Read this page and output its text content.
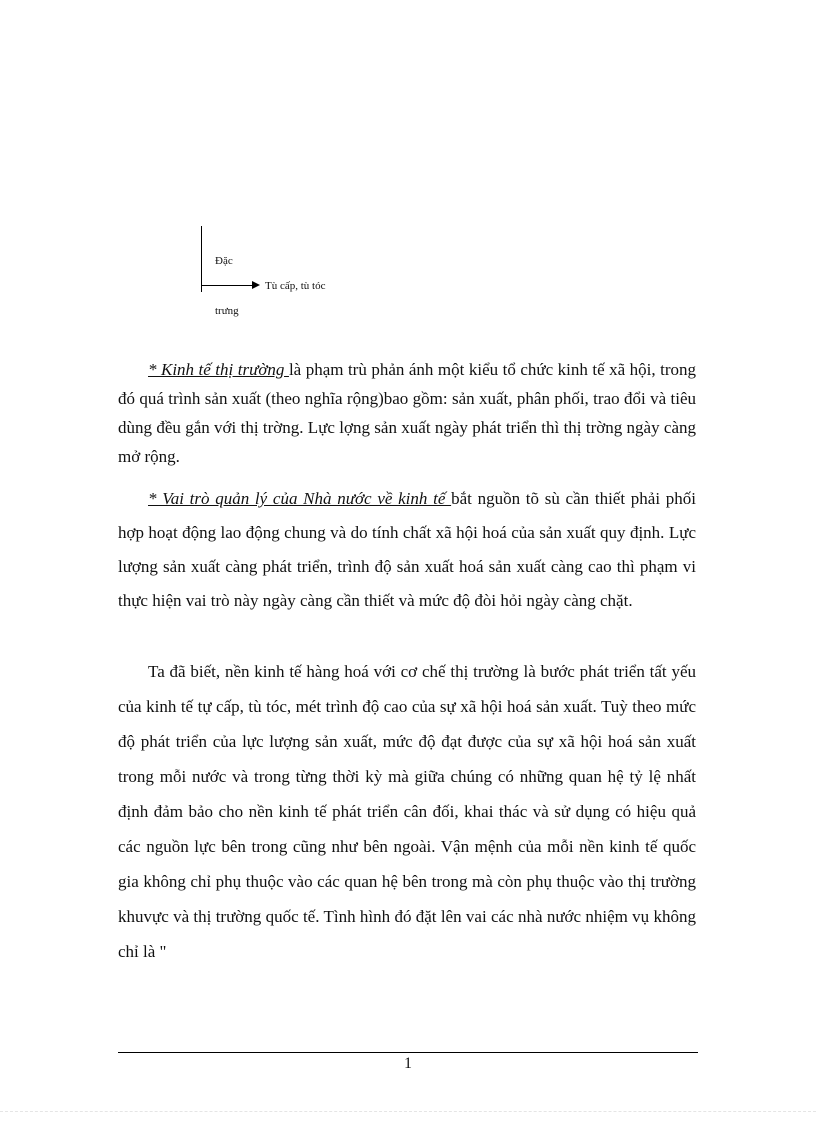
Đặc
Tù cấp, tù tóc
trưng

* Kinh tế thị trường là phạm trù phản ánh một kiểu tổ chức kinh tế xã hội, trong đó quá trình sản xuất (theo nghĩa rộng)bao gồm: sản xuất, phân phối, trao đổi và tiêu dùng đều gắn với thị trờng. Lực lợng sản xuất ngày phát triển thì thị trờng ngày càng mở rộng.

* Vai trò quản lý của Nhà nước về kinh tế bắt nguồn tõ sù cần thiết phải phối hợp hoạt động lao động chung và do tính chất xã hội hoá của sản xuất quy định. Lực lượng sản xuất càng phát triển, trình độ sản xuất hoá sản xuất càng cao thì phạm vi thực hiện vai trò này ngày càng cần thiết và mức độ đòi hỏi ngày càng chặt.

Ta đã biết, nền kinh tế hàng hoá với cơ chế thị trường là bước phát triển tất yếu của kinh tế tự cấp, tù tóc, mét trình độ cao của sự xã hội hoá sản xuất. Tuỳ theo mức độ phát triển của lực lượng sản xuất, mức độ đạt được của sự xã hội hoá sản xuất trong mỗi nước và trong từng thời kỳ mà giữa chúng có những quan hệ tỷ lệ nhất định đảm bảo cho nền kinh tế phát triển cân đối, khai thác và sử dụng có hiệu quả các nguồn lực bên trong cũng như bên ngoài. Vận mệnh của mỗi nền kinh tế quốc gia không chỉ phụ thuộc vào các quan hệ bên trong mà còn phụ thuộc vào thị trường khuvực và thị trường quốc tế. Tình hình đó đặt lên vai các nhà nước nhiệm vụ không chỉ là "

1
